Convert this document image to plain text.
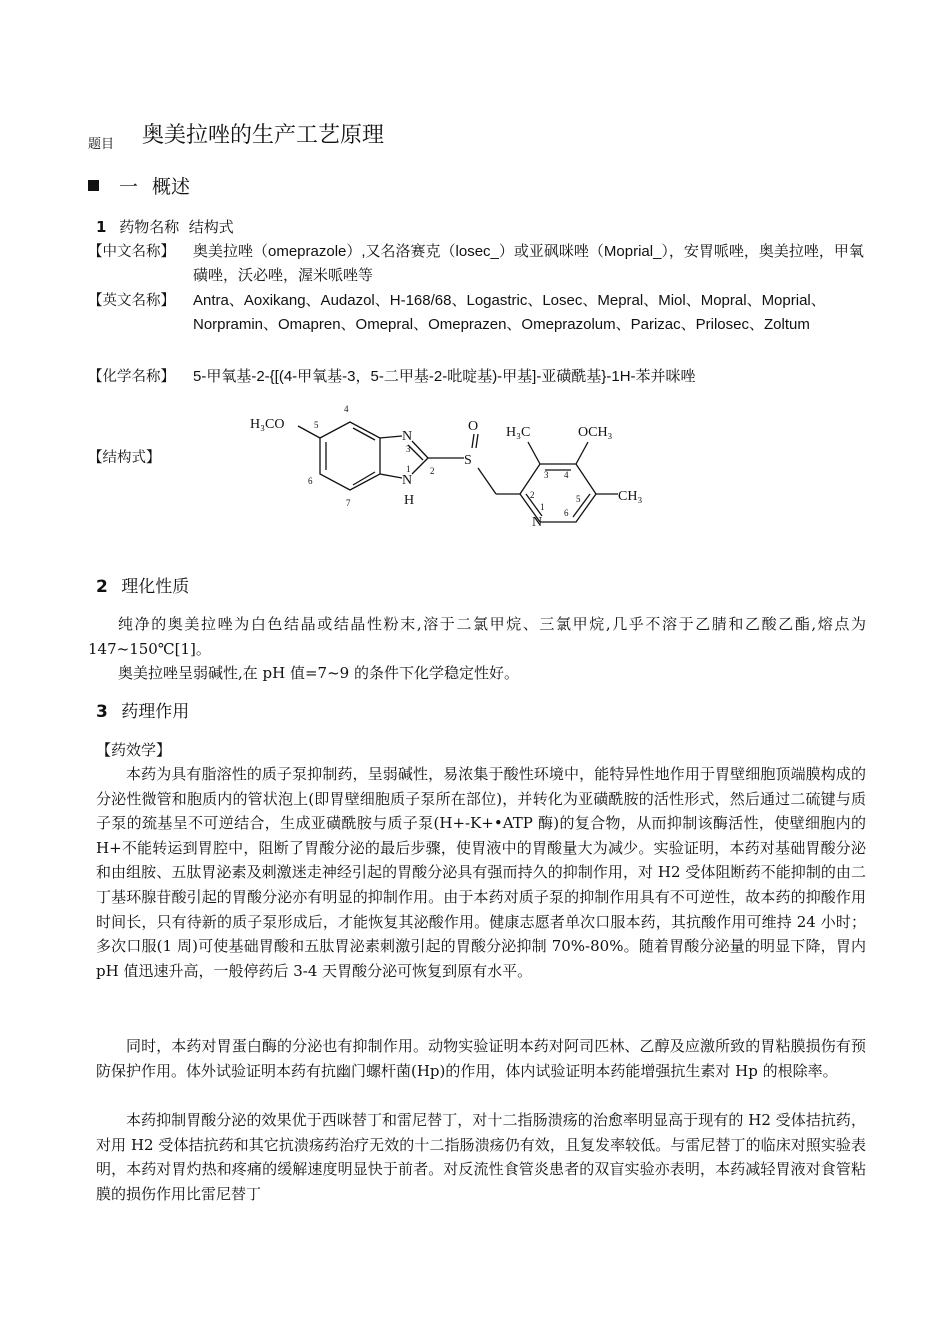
题目 奥美拉唑的生产工艺原理
一 概述
1 药物名称  结构式
【中文名称】	奥美拉唑（omeprazole）,又名洛赛克（losec_）或亚砜咪唑（Moprial_），安胃哌唑，奥美拉唑，甲氧磺唑，沃必唑，渥米哌唑等
【英文名称】	Antra、Aoxikang、Audazol、H-168/68、Logastric、Losec、Mepral、Miol、Mopral、Moprial、Norpramin、Omapren、Omepral、Omeprazen、Omeprazolum、Parizac、Prilosec、Zoltum
【化学名称】	5-甲氧基-2-{[(4-甲氧基-3，5-二甲基-2-吡啶基)-甲基]-亚磺酰基}-1H-苯并咪唑
【结构式】
H₃CO
H₃C	OCH₃
CH₃
O
S
N
N
H
N
4
5
6
7
1 2
3
3 4
5
6
2
1
2 理化性质

纯净的奥美拉唑为白色结晶或结晶性粉末,溶于二氯甲烷、三氯甲烷,几乎不溶于乙腈和乙酸乙酯,熔点为 147~150℃[1]。

奥美拉唑呈弱碱性,在 pH 值=7~9 的条件下化学稳定性好。

3 药理作用
【药效学】

本药为具有脂溶性的质子泵抑制药，呈弱碱性，易浓集于酸性环境中，能特异性地作用于胃壁细胞顶端膜构成的分泌性微管和胞质内的管状泡上(即胃壁细胞质子泵所在部位)，并转化为亚磺酰胺的活性形式，然后通过二硫键与质子泵的巯基呈不可逆结合，生成亚磺酰胺与质子泵(H+-K+•ATP 酶)的复合物，从而抑制该酶活性，使壁细胞内的　H+不能转运到胃腔中，阻断了胃酸分泌的最后步骤，使胃液中的胃酸量大为减少。实验证明，本药对基础胃酸分泌和由组胺、五肽胃泌素及刺激迷走神经引起的胃酸分泌具有强而持久的抑制作用，对 H2 受体阻断药不能抑制的由二丁基环腺苷酸引起的胃酸分泌亦有明显的抑制作用。由于本药对质子泵的抑制作用具有不可逆性，故本药的抑酸作用时间长，只有待新的质子泵形成后，才能恢复其泌酸作用。健康志愿者单次口服本药，其抗酸作用可维持 24 小时；多次口服(1 周)可使基础胃酸和五肽胃泌素刺激引起的胃酸分泌抑制 70%-80%。随着胃酸分泌量的明显下降，胃内 pH 值迅速升高，一般停药后 3-4 天胃酸分泌可恢复到原有水平。

同时，本药对胃蛋白酶的分泌也有抑制作用。动物实验证明本药对阿司匹林、乙醇及应激所致的胃粘膜损伤有预防保护作用。体外试验证明本药有抗幽门螺杆菌(Hp)的作用，体内试验证明本药能增强抗生素对 Hp 的根除率。

本药抑制胃酸分泌的效果优于西咪替丁和雷尼替丁，对十二指肠溃疡的治愈率明显高于现有的 H2 受体拮抗药，对用 H2 受体拮抗药和其它抗溃疡药治疗无效的十二指肠溃疡仍有效，且复发率较低。与雷尼替丁的临床对照实验表明，本药对胃灼热和疼痛的缓解速度明显快于前者。对反流性食管炎患者的双盲实验亦表明，本药减轻胃液对食管粘膜的损伤作用比雷尼替丁
